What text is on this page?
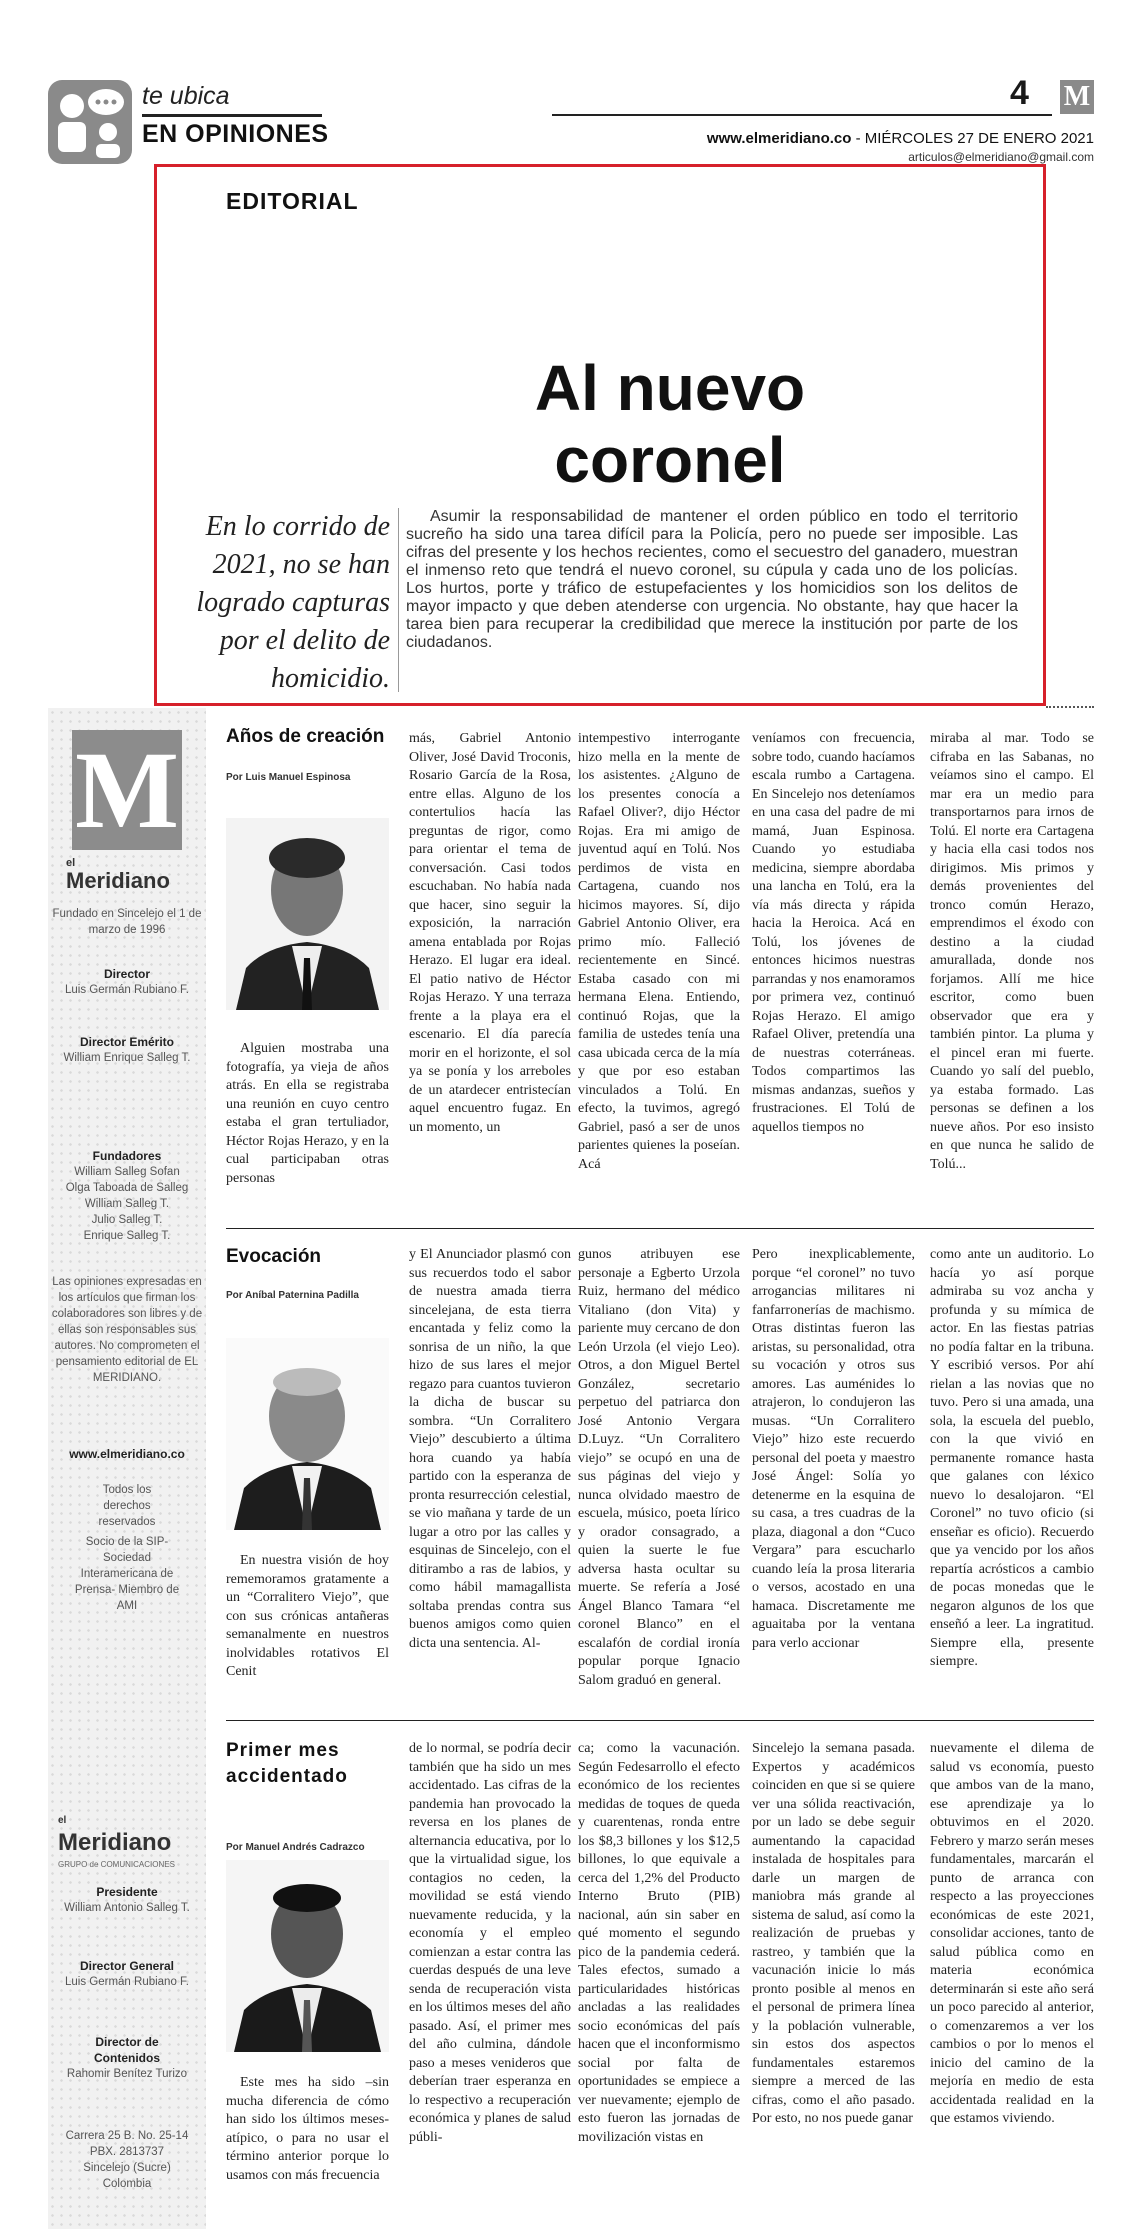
te ubica
EN OPINIONES
4 M
www.elmeridiano.co - MIÉRCOLES 27 DE ENERO 2021
articulos@elmeridiano@gmail.com
EDITORIAL
Al nuevo coronel
En lo corrido de 2021, no se han logrado capturas por el delito de homicidio.
Asumir la responsabilidad de mantener el orden público en todo el territorio sucreño ha sido una tarea difícil para la Policía, pero no puede ser imposible. Las cifras del presente y los hechos recientes, como el secuestro del ganadero, muestran el inmenso reto que tendrá el nuevo coronel, su cúpula y cada uno de los policías. Los hurtos, porte y tráfico de estupefacientes y los homicidios son los delitos de mayor impacto y que deben atenderse con urgencia. No obstante, hay que hacer la tarea bien para recuperar la credibilidad que merece la institución por parte de los ciudadanos.
M
el
Meridiano
Fundado en Sincelejo el 1 de marzo de 1996
Director
Luis Germán Rubiano F.
Director Emérito
William Enrique Salleg T.
Fundadores
William Salleg Sofan
Olga Taboada de Salleg
William Salleg T.
Julio Salleg T.
Enrique Salleg T.
Las opiniones expresadas en los artículos que firman los colaboradores son libres y de ellas son responsables sus autores. No comprometen el pensamiento editorial de EL MERIDIANO.
www.elmeridiano.co
Todos los derechos reservados
Socio de la SIP-Sociedad Interamericana de Prensa- Miembro de AMI
el
Meridiano
GRUPO de COMUNICACIONES
Presidente
William Antonio Salleg T.
Director General
Luis Germán Rubiano F.
Director de Contenidos
Rahomir Benítez Turizo
Carrera 25 B. No. 25-14
PBX. 2813737
Sincelejo (Sucre)
Colombia
Años de creación
Por Luis Manuel Espinosa

Alguien mostraba una fotografía, ya vieja de años atrás. En ella se registraba una reunión en cuyo centro estaba el gran tertuliador, Héctor Rojas Herazo, y en la cual participaban otras personas

más, Gabriel Antonio Oliver, José David Troconis, Rosario García de la Rosa, entre ellas. Alguno de los contertulios hacía las preguntas de rigor, como para orientar el tema de conversación. Casi todos escuchaban. No había nada que hacer, sino seguir la exposición, la narración amena entablada por Rojas Herazo. El lugar era ideal. El patio nativo de Héctor Rojas Herazo. Y una terraza frente a la playa era el escenario. El día parecía morir en el horizonte, el sol ya se ponía y los arreboles de un atardecer entristecían aquel encuentro fugaz. En un momento, un

intempestivo interrogante hizo mella en la mente de los asistentes. ¿Alguno de los presentes conocía a Rafael Oliver?, dijo Héctor Rojas. Era mi amigo de juventud aquí en Tolú. Nos perdimos de vista en Cartagena, cuando nos hicimos mayores. Sí, dijo Gabriel Antonio Oliver, era primo mío. Falleció recientemente en Sincé. Estaba casado con mi hermana Elena. Entiendo, continuó Rojas, que la familia de ustedes tenía una casa ubicada cerca de la mía y que por eso estaban vinculados a Tolú. En efecto, la tuvimos, agregó Gabriel, pasó a ser de unos parientes quienes la poseían. Acá

veníamos con frecuencia, sobre todo, cuando hacíamos escala rumbo a Cartagena. En Sincelejo nos deteníamos en una casa del padre de mi mamá, Juan Espinosa. Cuando yo estudiaba medicina, siempre abordaba una lancha en Tolú, era la vía más directa y rápida hacia la Heroica. Acá en Tolú, los jóvenes de entonces hicimos nuestras parrandas y nos enamoramos por primera vez, continuó Rojas Herazo. El amigo Rafael Oliver, pretendía una de nuestras coterráneas. Todos compartimos las mismas andanzas, sueños y frustraciones. El Tolú de aquellos tiempos no

miraba al mar. Todo se cifraba en las Sabanas, no veíamos sino el campo. El mar era un medio para transportarnos para irnos de Tolú. El norte era Cartagena y hacia ella casi todos nos dirigimos. Mis primos y demás provenientes del tronco común Herazo, emprendimos el éxodo con destino a la ciudad amurallada, donde nos forjamos. Allí me hice escritor, como buen observador que era y también pintor. La pluma y el pincel eran mi fuerte. Cuando yo salí del pueblo, ya estaba formado. Las personas se definen a los nueve años. Por eso insisto en que nunca he salido de Tolú...

Evocación
Por Aníbal Paternina Padilla

En nuestra visión de hoy rememoramos gratamente a un “Corralitero Viejo”, que con sus crónicas antañeras semanalmente en nuestros inolvidables rotativos El Cenit

y El Anunciador plasmó con sus recuerdos todo el sabor de nuestra amada tierra sincelejana, de esta tierra encantada y feliz como la sonrisa de un niño, la que hizo de sus lares el mejor regazo para cuantos tuvieron la dicha de buscar su sombra. “Un Corralitero Viejo” descubierto a última hora cuando ya había partido con la esperanza de pronta resurrección celestial, se vio mañana y tarde de un lugar a otro por las calles y esquinas de Sincelejo, con el ditirambo a ras de labios, y como hábil mamagallista soltaba prendas contra sus buenos amigos como quien dicta una sentencia. Al-

gunos atribuyen ese personaje a Egberto Urzola Ruiz, hermano del médico Vitaliano (don Vita) y pariente muy cercano de don León Urzola (el viejo Leo). Otros, a don Miguel Bertel González, secretario perpetuo del patriarca don José Antonio Vergara D.Luyz. “Un Corralitero viejo” se ocupó en una de sus páginas del viejo y nunca olvidado maestro de escuela, músico, poeta lírico y orador consagrado, a quien la suerte le fue adversa hasta ocultar su muerte. Se refería a José Ángel Blanco Tamara “el coronel Blanco” en el escalafón de cordial ironía popular porque Ignacio Salom graduó en general.

Pero inexplicablemente, porque “el coronel” no tuvo arrogancias militares ni fanfarronerías de machismo. Otras distintas fueron las aristas, su personalidad, otra su vocación y otros sus amores. Las auménides lo atrajeron, lo condujeron las musas. “Un Corralitero Viejo” hizo este recuerdo personal del poeta y maestro José Ángel: Solía yo detenerme en la esquina de su casa, a tres cuadras de la plaza, diagonal a don “Cuco Vergara” para escucharlo cuando leía la prosa literaria o versos, acostado en una hamaca. Discretamente me aguaitaba por la ventana para verlo accionar

como ante un auditorio. Lo hacía yo así porque admiraba su voz ancha y profunda y su mímica de actor. En las fiestas patrias no podía faltar en la tribuna. Y escribió versos. Por ahí rielan a las novias que no tuvo. Pero si una amada, una sola, la escuela del pueblo, con la que vivió en permanente romance hasta que galanes con léxico nuevo lo desalojaron. “El Coronel” no tuvo oficio (si enseñar es oficio). Recuerdo que ya vencido por los años repartía acrósticos a cambio de pocas monedas que le negaron algunos de los que enseñó a leer. La ingratitud. Siempre ella, presente siempre.

Primer mes accidentado
Por Manuel Andrés Cadrazco

Este mes ha sido –sin mucha diferencia de cómo han sido los últimos meses- atípico, o para no usar el término anterior porque lo usamos con más frecuencia

de lo normal, se podría decir también que ha sido un mes accidentado. Las cifras de la pandemia han provocado la reversa en los planes de alternancia educativa, por lo que la virtualidad sigue, los contagios no ceden, la movilidad se está viendo nuevamente reducida, y la economía y el empleo comienzan a estar contra las cuerdas después de una leve senda de recuperación vista en los últimos meses del año pasado. Así, el primer mes del año culmina, dándole paso a meses venideros que deberían traer esperanza en lo respectivo a recuperación económica y planes de salud públi-

ca; como la vacunación. Según Fedesarrollo el efecto económico de los recientes medidas de toques de queda y cuarentenas, ronda entre los $8,3 billones y los $12,5 billones, lo que equivale a cerca del 1,2% del Producto Interno Bruto (PIB) nacional, aún sin saber en qué momento el segundo pico de la pandemia cederá. Tales efectos, sumado a particularidades históricas ancladas a las realidades socio económicas del país hacen que el inconformismo social por falta de oportunidades se empiece a ver nuevamente; ejemplo de esto fueron las jornadas de movilización vistas en

Sincelejo la semana pasada. Expertos y académicos coinciden en que si se quiere ver una sólida reactivación, por un lado se debe seguir aumentando la capacidad instalada de hospitales para darle un margen de maniobra más grande al sistema de salud, así como la realización de pruebas y rastreo, y también que la vacunación inicie lo más pronto posible al menos en el personal de primera línea y la población vulnerable, sin estos dos aspectos fundamentales estaremos siempre a merced de las cifras, como el año pasado. Por esto, no nos puede ganar

nuevamente el dilema de salud vs economía, puesto que ambos van de la mano, ese aprendizaje ya lo obtuvimos en el 2020. Febrero y marzo serán meses fundamentales, marcarán el punto de arranca con respecto a las proyecciones económicas de este 2021, consolidar acciones, tanto de salud pública como en materia económica determinarán si este año será un poco parecido al anterior, o comenzaremos a ver los cambios o por lo menos el inicio del camino de la mejoría en medio de esta accidentada realidad en la que estamos viviendo.
